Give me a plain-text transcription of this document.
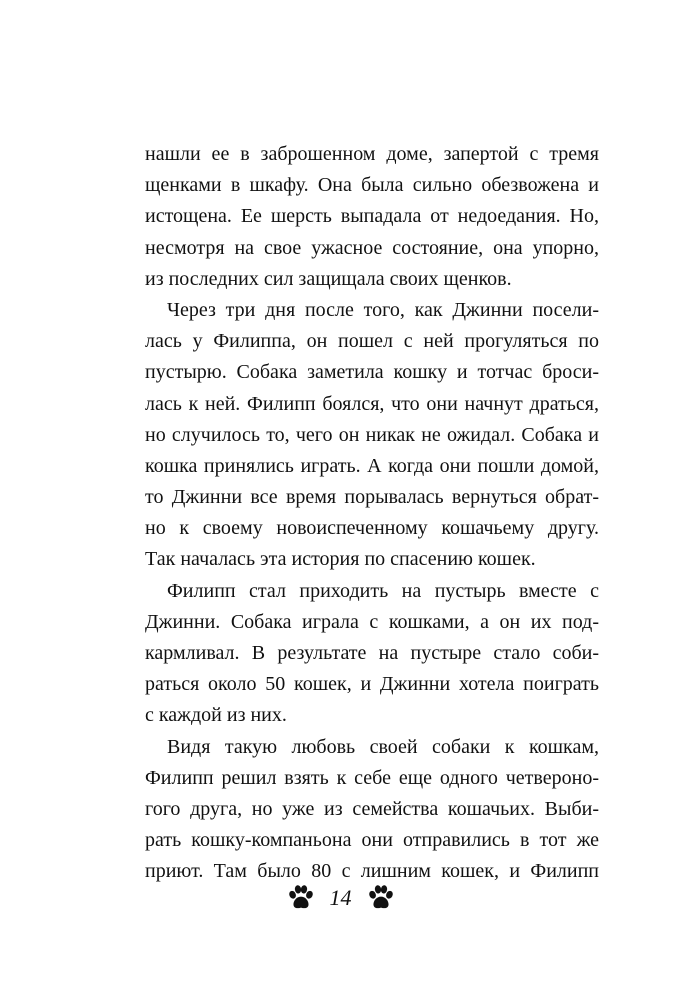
нашли ее в заброшенном доме, запертой с тремя
щенками в шкафу. Она была сильно обезвожена и
истощена. Ее шерсть выпадала от недоедания. Но,
несмотря на свое ужасное состояние, она упорно,
из последних сил защищала своих щенков.
Через три дня после того, как Джинни посели-
лась у Филиппа, он пошел с ней прогуляться по
пустырю. Собака заметила кошку и тотчас броси-
лась к ней. Филипп боялся, что они начнут драться,
но случилось то, чего он никак не ожидал. Собака и
кошка принялись играть. А когда они пошли домой,
то Джинни все время порывалась вернуться обрат-
но к своему новоиспеченному кошачьему другу.
Так началась эта история по спасению кошек.
Филипп стал приходить на пустырь вместе с
Джинни. Собака играла с кошками, а он их под-
кармливал. В результате на пустыре стало соби-
раться около 50 кошек, и Джинни хотела поиграть
с каждой из них.
Видя такую любовь своей собаки к кошкам,
Филипп решил взять к себе еще одного четвероно-
гого друга, но уже из семейства кошачьих. Выби-
рать кошку-компаньона они отправились в тот же
приют. Там было 80 с лишним кошек, и Филипп
14
